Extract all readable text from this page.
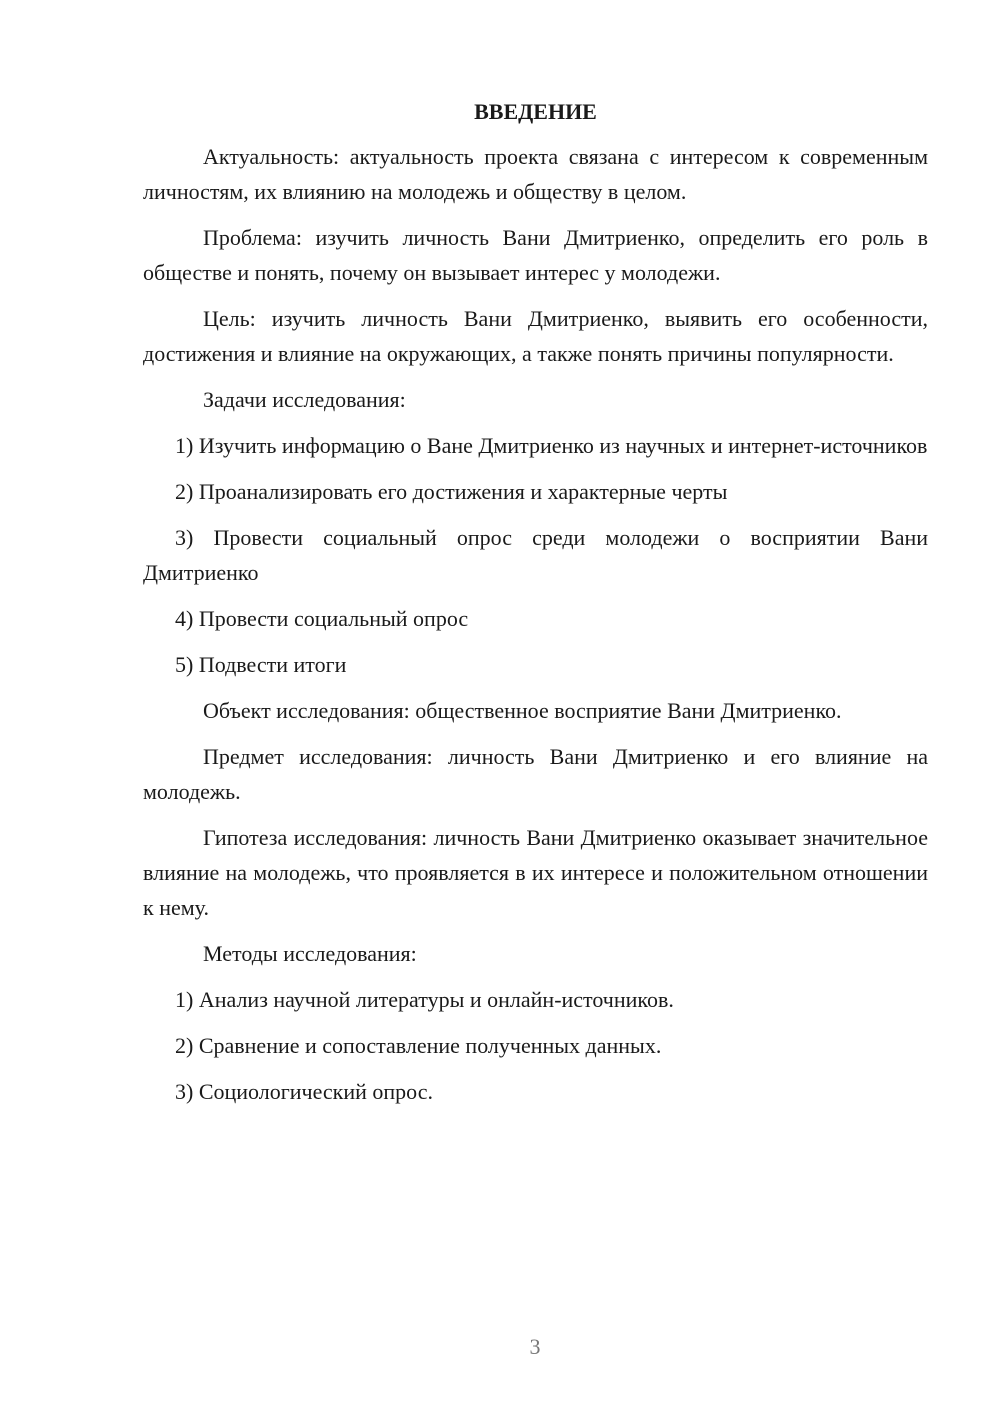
ВВЕДЕНИЕ

Актуальность: актуальность проекта связана с интересом к современным личностям, их влиянию на молодежь и обществу в целом.

Проблема: изучить личность Вани Дмитриенко, определить его роль в обществе и понять, почему он вызывает интерес у молодежи.

Цель: изучить личность Вани Дмитриенко, выявить его особенности, достижения и влияние на окружающих, а также понять причины популярности.

Задачи исследования:

1) Изучить информацию о Ване Дмитриенко из научных и интернет-источников

2) Проанализировать его достижения и характерные черты

3) Провести социальный опрос среди молодежи о восприятии Вани Дмитриенко

4) Провести социальный опрос

5) Подвести итоги

Объект исследования: общественное восприятие Вани Дмитриенко.

Предмет исследования: личность Вани Дмитриенко и его влияние на молодежь.

Гипотеза исследования: личность Вани Дмитриенко оказывает значительное влияние на молодежь, что проявляется в их интересе и положительном отношении к нему.

Методы исследования:

1) Анализ научной литературы и онлайн-источников.

2) Сравнение и сопоставление полученных данных.

3) Социологический опрос.

3
